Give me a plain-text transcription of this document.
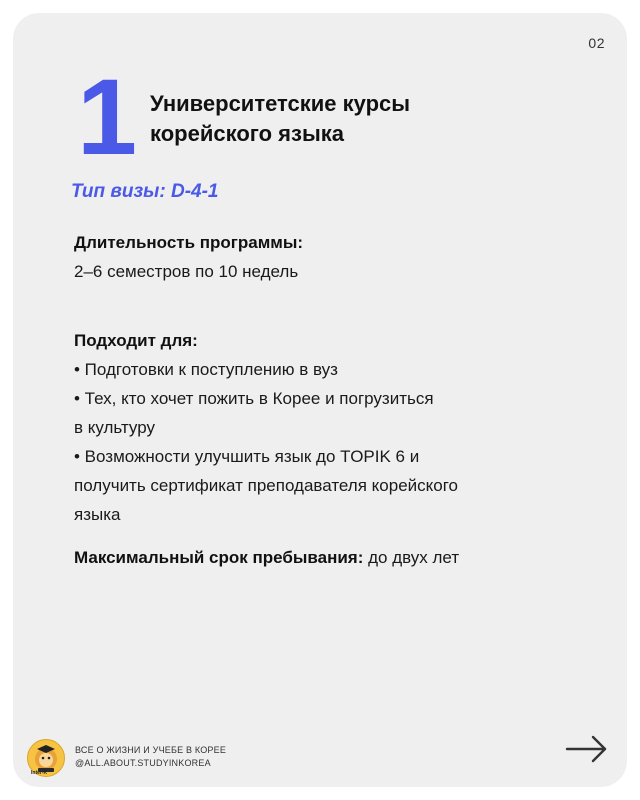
02
1 Университетские курсы
корейского языка
Тип визы: D-4-1
Длительность программы:
2–6 семестров по 10 недель
Подходит для:
• Подготовки к поступлению в вуз
• Тех, кто хочет пожить в Корее и погрузиться
в культуру
• Возможности улучшить язык до TOPIK 6 и
получить сертификат преподавателя корейского
языка
Максимальный срок пребывания: до двух лет
Inter-K
ВСЕ О ЖИЗНИ И УЧЕБЕ В КОРЕЕ
@ALL.ABOUT.STUDYINKOREA
